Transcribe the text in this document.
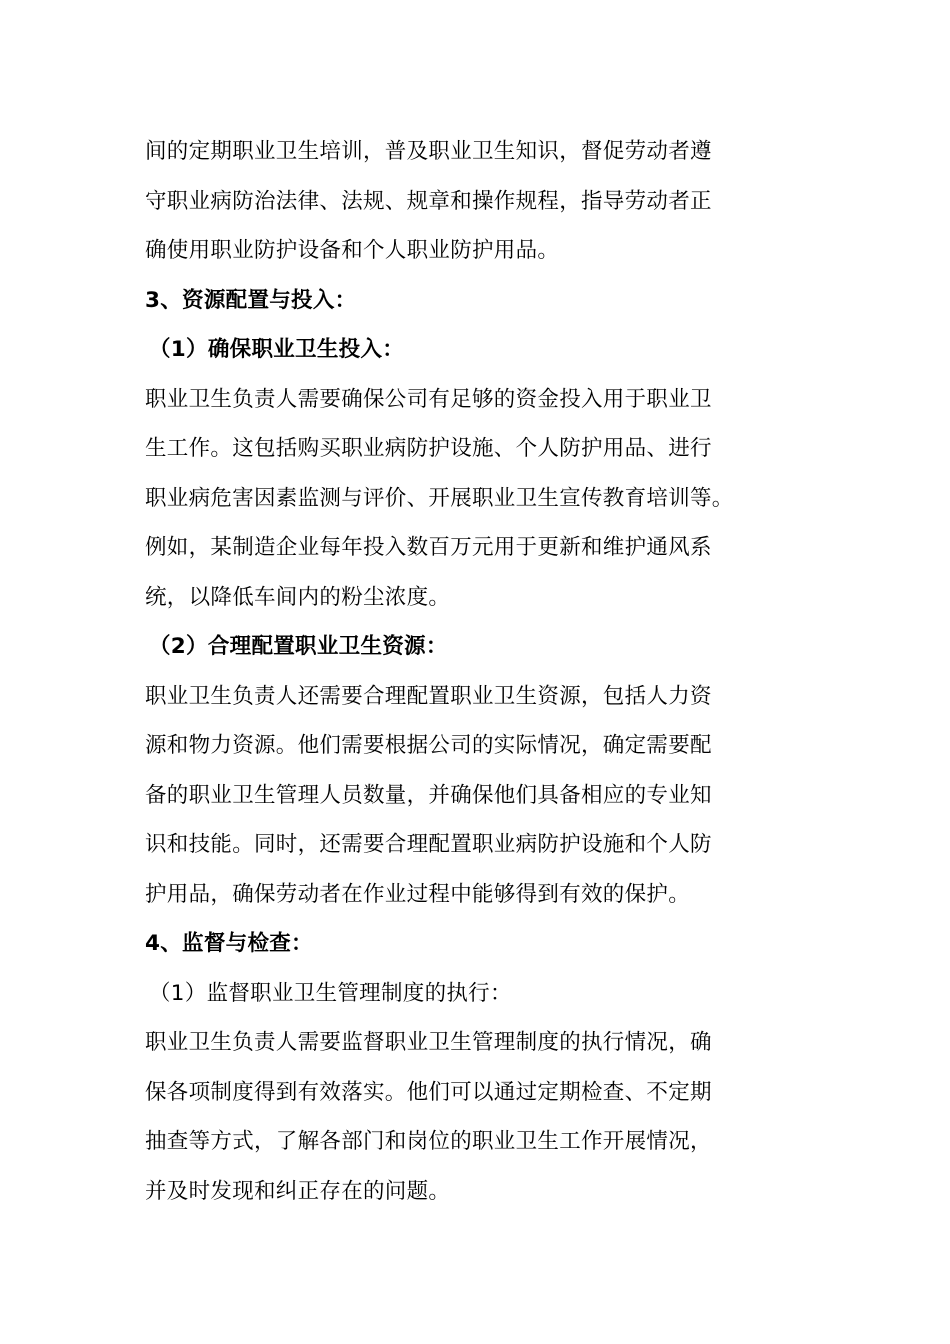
间的定期职业卫生培训，普及职业卫生知识，督促劳动者遵
守职业病防治法律、法规、规章和操作规程，指导劳动者正
确使用职业防护设备和个人职业防护用品。
3、资源配置与投入：
（1）确保职业卫生投入：
职业卫生负责人需要确保公司有足够的资金投入用于职业卫
生工作。这包括购买职业病防护设施、个人防护用品、进行
职业病危害因素监测与评价、开展职业卫生宣传教育培训等。
例如，某制造企业每年投入数百万元用于更新和维护通风系
统，以降低车间内的粉尘浓度。
（2）合理配置职业卫生资源：
职业卫生负责人还需要合理配置职业卫生资源，包括人力资
源和物力资源。他们需要根据公司的实际情况，确定需要配
备的职业卫生管理人员数量，并确保他们具备相应的专业知
识和技能。同时，还需要合理配置职业病防护设施和个人防
护用品，确保劳动者在作业过程中能够得到有效的保护。
4、监督与检查：
（1）监督职业卫生管理制度的执行：
职业卫生负责人需要监督职业卫生管理制度的执行情况，确
保各项制度得到有效落实。他们可以通过定期检查、不定期
抽查等方式，了解各部门和岗位的职业卫生工作开展情况，
并及时发现和纠正存在的问题。
